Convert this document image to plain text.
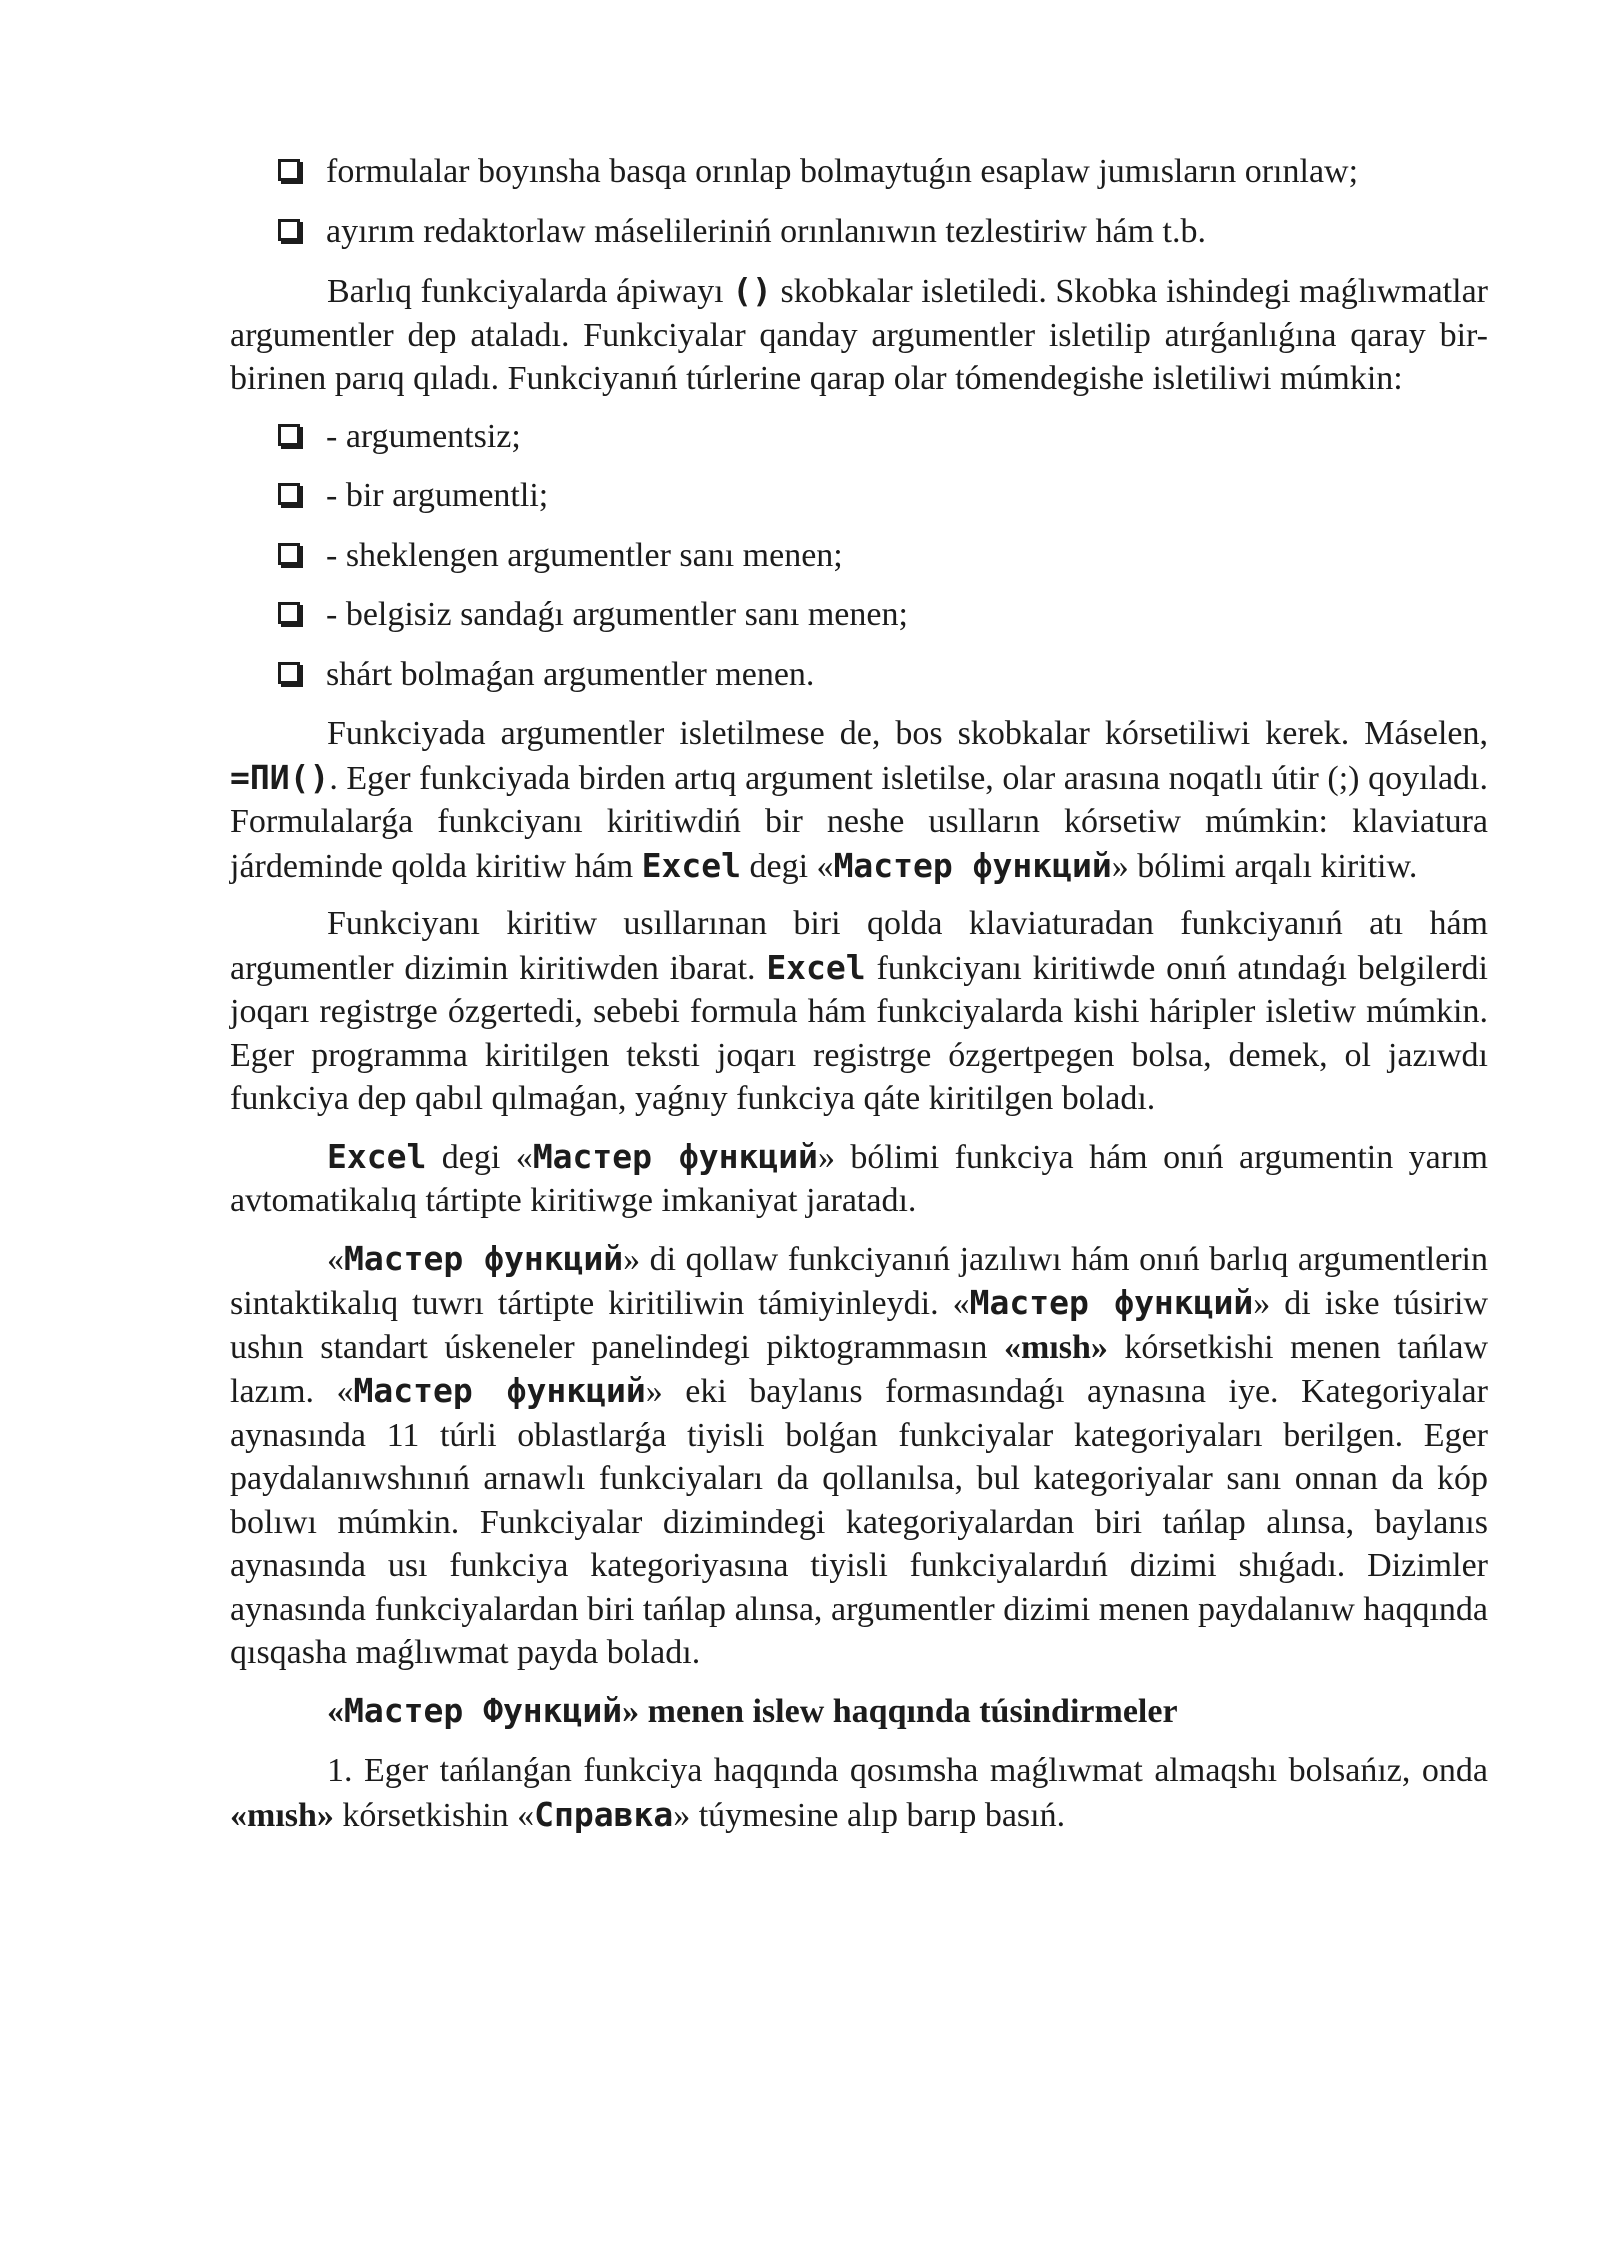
formulalar boyınsha basqa orınlap bolmaytuǵın esaplaw jumısların orınlaw;
ayırım redaktorlaw máselileriniń orınlanıwın tezlestiriw hám t.b.

Barlıq funkciyalarda ápiwayı () skobkalar isletiledi. Skobka ishindegi maǵlıwmatlar argumentler dep ataladı. Funkciyalar qanday argumentler isletilip atırǵanlıǵına qaray bir-birinen parıq qıladı. Funkciyanıń túrlerine qarap olar tómendegishe isletiliwi múmkin:

- argumentsiz;
- bir argumentli;
- sheklengen argumentler sanı menen;
- belgisiz sandaǵı argumentler sanı menen;
shárt bolmaǵan argumentler menen.

Funkciyada argumentler isletilmese de, bos skobkalar kórsetiliwi kerek. Máselen, =ПИ(). Eger funkciyada birden artıq argument isletilse, olar arasına noqatlı útir (;) qoyıladı. Formulalarǵa funkciyanı kiritiwdiń bir neshe usılların kórsetiw múmkin: klaviatura járdeminde qolda kiritiw hám Excel degi «Мастер функций» bólimi arqalı kiritiw.

Funkciyanı kiritiw usıllarınan biri qolda klaviaturadan funkciyanıń atı hám argumentler dizimin kiritiwden ibarat. Excel funkciyanı kiritiwde onıń atındaǵı belgilerdi joqarı registrge ózgertedi, sebebi formula hám funkciyalarda kishi háripler isletiw múmkin. Eger programma kiritilgen teksti joqarı registrge ózgertpegen bolsa, demek, ol jazıwdı funkciya dep qabıl qılmaǵan, yaǵnıy funkciya qáte kiritilgen boladı.

Excel degi «Мастер функций» bólimi funkciya hám onıń argumentin yarım avtomatikalıq tártipte kiritiwge imkaniyat jaratadı.

«Мастер функций» di qollaw funkciyanıń jazılıwı hám onıń barlıq argumentlerin sintaktikalıq tuwrı tártipte kiritiliwin támiyinleydi. «Мастер функций» di iske túsiriw ushın standart úskeneler panelindegi piktogrammasın «mısh» kórsetkishi menen tańlaw lazım. «Мастер функций» eki baylanıs formasındaǵı aynasına iye. Kategoriyalar aynasında 11 túrli oblastlarǵa tiyisli bolǵan funkciyalar kategoriyaları berilgen. Eger paydalanıwshınıń arnawlı funkciyaları da qollanılsa, bul kategoriyalar sanı onnan da kóp bolıwı múmkin. Funkciyalar dizimindegi kategoriyalardan biri tańlap alınsa, baylanıs aynasında usı funkciya kategoriyasına tiyisli funkciyalardıń dizimi shıǵadı. Dizimler aynasında funkciyalardan biri tańlap alınsa, argumentler dizimi menen paydalanıw haqqında qısqasha maǵlıwmat payda boladı.

«Мастер Функций» menen islew haqqında túsindirmeler

1. Eger tańlanǵan funkciya haqqında qosımsha maǵlıwmat almaqshı bolsańız, onda «mısh» kórsetkishin «Справка» túymesine alıp barıp basıń.
